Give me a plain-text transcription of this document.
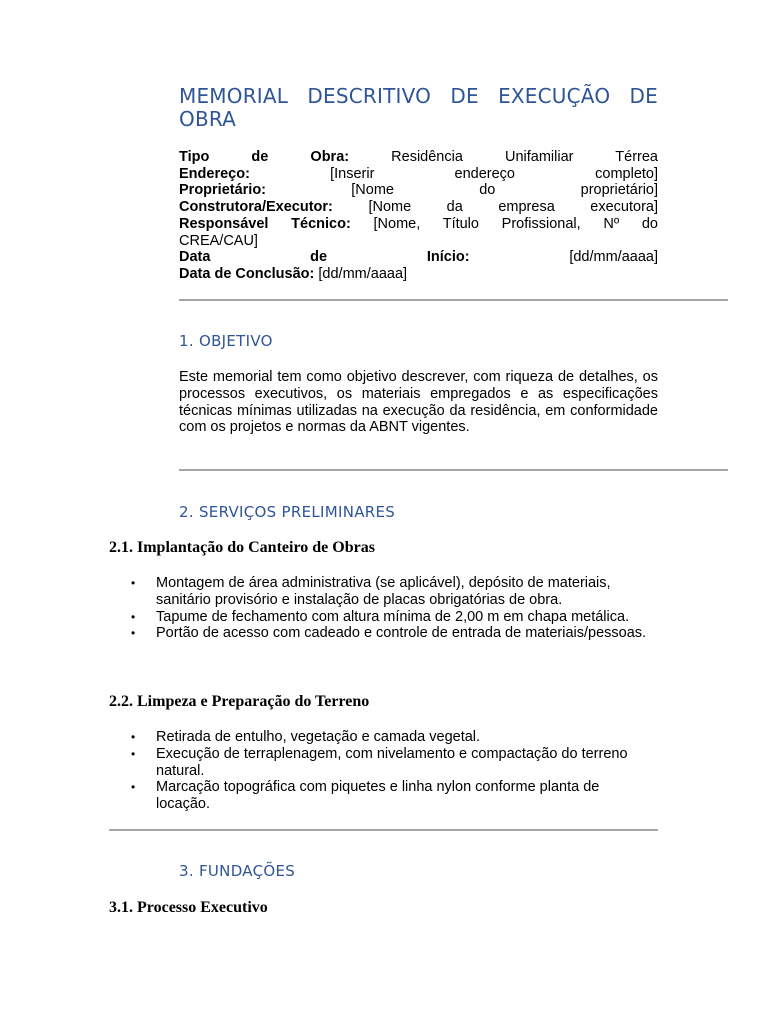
MEMORIAL DESCRITIVO DE EXECUÇÃO DE OBRA
Tipo de Obra:	Residência Unifamiliar Térrea
Endereço:	[Inserir endereço completo]
Proprietário:	[Nome do proprietário]
Construtora/Executor: [Nome da empresa executora]
Responsável Técnico: [Nome, Título Profissional, Nº do
CREA/CAU]
Data de Início:	[dd/mm/aaaa]
Data de Conclusão: [dd/mm/aaaa]
1. OBJETIVO

Este memorial tem como objetivo descrever, com riqueza de detalhes, os processos executivos, os materiais empregados e as especificações técnicas mínimas utilizadas na execução da residência, em conformidade com os projetos e normas da ABNT vigentes.

2. SERVIÇOS PRELIMINARES
2.1. Implantação do Canteiro de Obras
• Montagem de área administrativa (se aplicável), depósito de materiais, sanitário provisório e instalação de placas obrigatórias de obra.
• Tapume de fechamento com altura mínima de 2,00 m em chapa metálica.
• Portão de acesso com cadeado e controle de entrada de materiais/pessoas.
2.2. Limpeza e Preparação do Terreno
• Retirada de entulho, vegetação e camada vegetal.
• Execução de terraplenagem, com nivelamento e compactação do terreno natural.
• Marcação topográfica com piquetes e linha nylon conforme planta de locação.
3. FUNDAÇÕES
3.1. Processo Executivo
